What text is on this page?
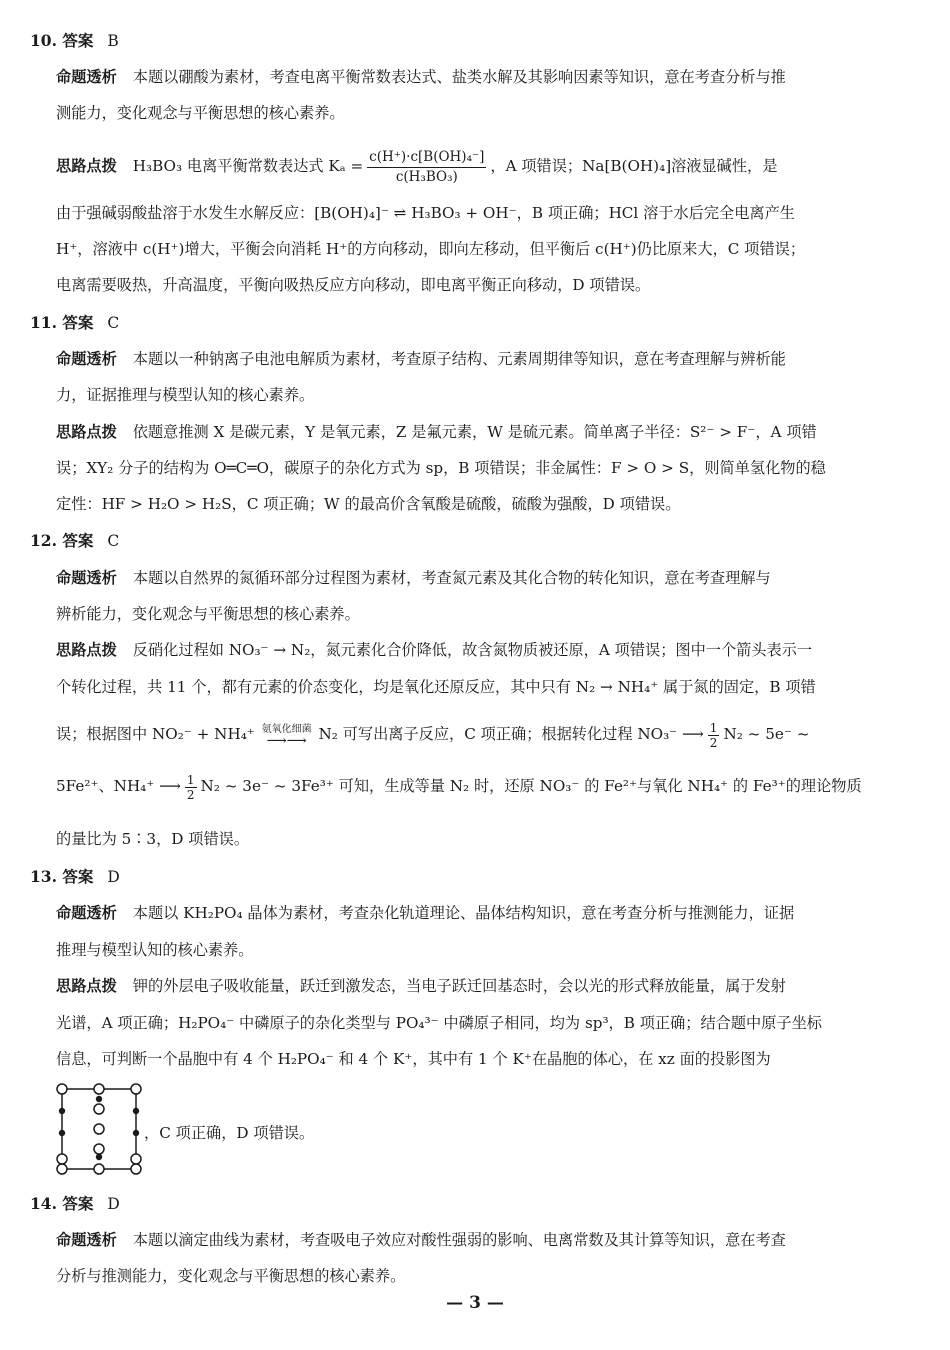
10. 答案 B
命题透析 本题以硼酸为素材，考查电离平衡常数表达式、盐类水解及其影响因素等知识，意在考查分析与推
测能力，变化观念与平衡思想的核心素养。
思路点拨 H₃BO₃ 电离平衡常数表达式 $K_a = \frac{\text{c(H⁺)·c[B(OH)₄⁻]}}{\text{c(H₃BO₃)}}$ ，A 项错误；Na[B(OH)₄]溶液显碱性，是
由于强碱弱酸盐溶于水发生水解反应：[B(OH)₄]⁻ ⇌ H₃BO₃ + OH⁻，B 项正确；HCl 溶于水后完全电离产生
H⁺，溶液中 c(H⁺)增大，平衡会向消耗 H⁺的方向移动，即向左移动，但平衡后 c(H⁺)仍比原来大，C 项错误；
电离需要吸热，升高温度，平衡向吸热反应方向移动，即电离平衡正向移动，D 项错误。
11. 答案 C
命题透析 本题以一种钠离子电池电解质为素材，考查原子结构、元素周期律等知识，意在考查理解与辨析能
力，证据推理与模型认知的核心素养。
思路点拨 依题意推测 X 是碳元素，Y 是氧元素，Z 是氟元素，W 是硫元素。简单离子半径：S²⁻ > F⁻，A 项错
误；XY₂ 分子的结构为 O═C═O，碳原子的杂化方式为 sp，B 项错误；非金属性：F > O > S，则简单氢化物的稳
定性：HF > H₂O > H₂S，C 项正确；W 的最高价含氧酸是硫酸，硫酸为强酸，D 项错误。
12. 答案 C
命题透析 本题以自然界的氮循环部分过程图为素材，考查氮元素及其化合物的转化知识，意在考查理解与
辨析能力，变化观念与平衡思想的核心素养。
思路点拨 反硝化过程如 NO₃⁻ → N₂，氮元素化合价降低，故含氮物质被还原，A 项错误；图中一个箭头表示一
个转化过程，共 11 个，都有元素的价态变化，均是氧化还原反应，其中只有 N₂ → NH₄⁺ 属于氮的固定，B 项错
误；根据图中 NO₂⁻ + NH₄⁺ 氨氧化细菌
⟶⟶ N₂ 可写出离子反应，C 项正确；根据转化过程 NO₃⁻ ⟶ $\frac{1}{2} N_2$ ~ 5e⁻ ~
5Fe²⁺、NH₄⁺ ⟶ $\frac{1}{2} N_2$ ~ 3e⁻ ~ 3Fe³⁺ 可知，生成等量 N₂ 时，还原 NO₃⁻ 的 Fe²⁺与氧化 NH₄⁺ 的 Fe³⁺的理论物质
的量比为 5∶3，D 项错误。
13. 答案 D
命题透析 本题以 KH₂PO₄ 晶体为素材，考查杂化轨道理论、晶体结构知识，意在考查分析与推测能力，证据
推理与模型认知的核心素养。
思路点拨 钾的外层电子吸收能量，跃迁到激发态，当电子跃迁回基态时，会以光的形式释放能量，属于发射
光谱，A 项正确；H₂PO₄⁻ 中磷原子的杂化类型与 PO₄³⁻ 中磷原子相同，均为 sp³，B 项正确；结合题中原子坐标
信息，可判断一个晶胞中有 4 个 H₂PO₄⁻ 和 4 个 K⁺，其中有 1 个 K⁺在晶胞的体心，在 xz 面的投影图为
，C 项正确，D 项错误。
14. 答案 D
命题透析 本题以滴定曲线为素材，考查吸电子效应对酸性强弱的影响、电离常数及其计算等知识，意在考查
分析与推测能力，变化观念与平衡思想的核心素养。
— 3 —
